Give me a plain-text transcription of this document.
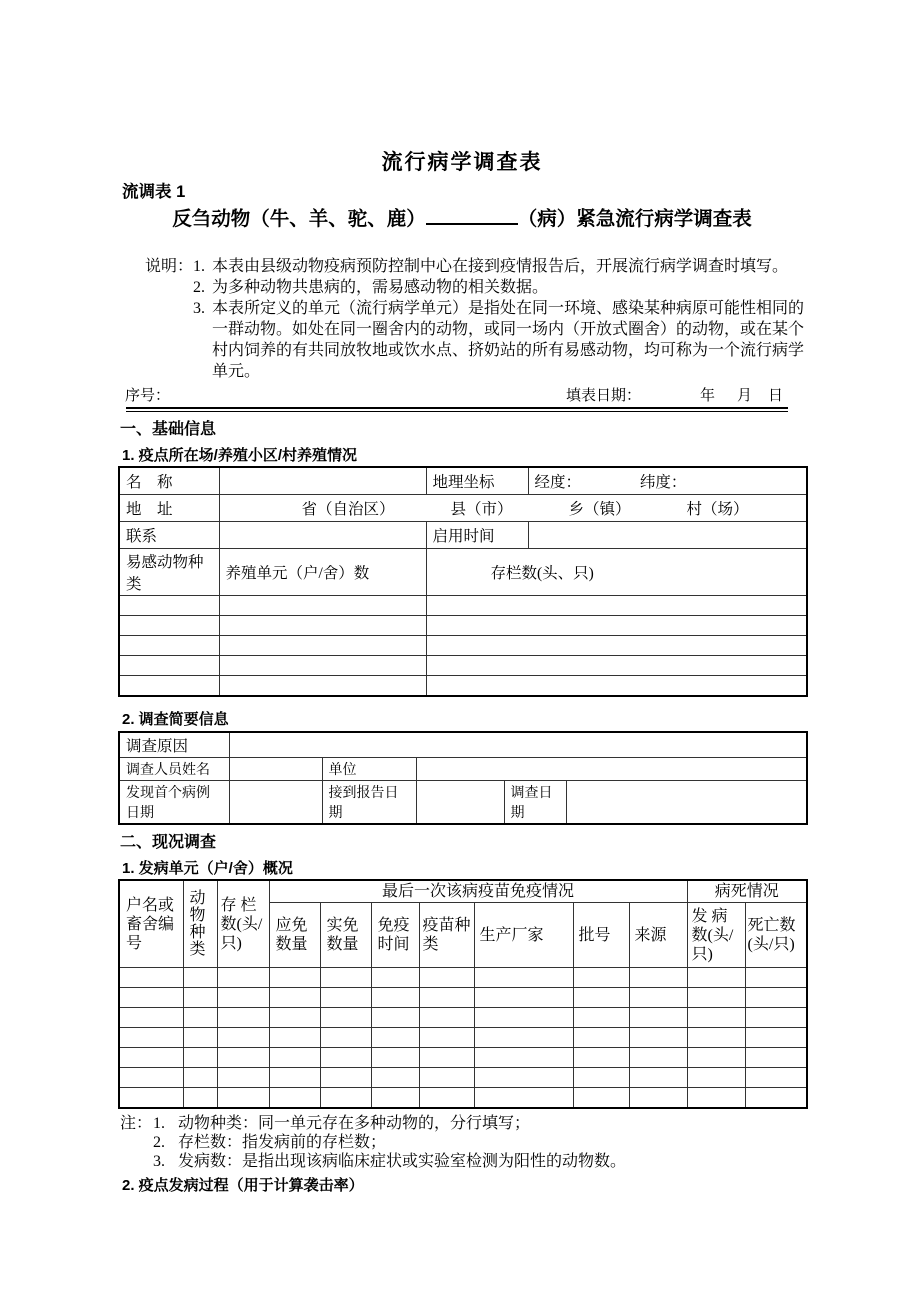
流行病学调查表
流调表 1
反刍动物（牛、羊、驼、鹿）	（病）紧急流行病学调查表
说明： 1. 本表由县级动物疫病预防控制中心在接到疫情报告后，开展流行病学调查时填写。
2. 为多种动物共患病的，需易感动物的相关数据。
3. 本表所定义的单元（流行病学单元）是指处在同一环境、感染某种病原可能性相同的一群动物。如处在同一圈舍内的动物，或同一场内（开放式圈舍）的动物，或在某个村内饲养的有共同放牧地或饮水点、挤奶站的所有易感动物，均可称为一个流行病学单元。
序号：	填表日期：	年 月 日
一、基础信息
1. 疫点所在场/养殖小区/村养殖情况
名　称		地理坐标	经度： 纬度：
地　址	省（自治区） 县（市） 乡（镇） 村（场）		

联系		启用时间	
易感动物种类	养殖单元（户/舍）数	存栏数(头、只)	

2. 调查简要信息
调查原因					
调查人员姓名		单位			
发现首个病例日期		接到报告日期		调查日期	
二、现况调查
1. 发病单元（户/舍）概况
户名或畜舍编号	动物种类	存 栏 数(头/只)	最后一次该病疫苗免疫情况							病死情况	
			应免数量	实免数量	免疫时间	疫苗种类	生产厂家	批号	来源	发 病 数(头/只)	死亡数 (头/只)

注： 1. 动物种类：同一单元存在多种动物的，分行填写；
2. 存栏数：指发病前的存栏数；
3. 发病数：是指出现该病临床症状或实验室检测为阳性的动物数。
2. 疫点发病过程（用于计算袭击率）
